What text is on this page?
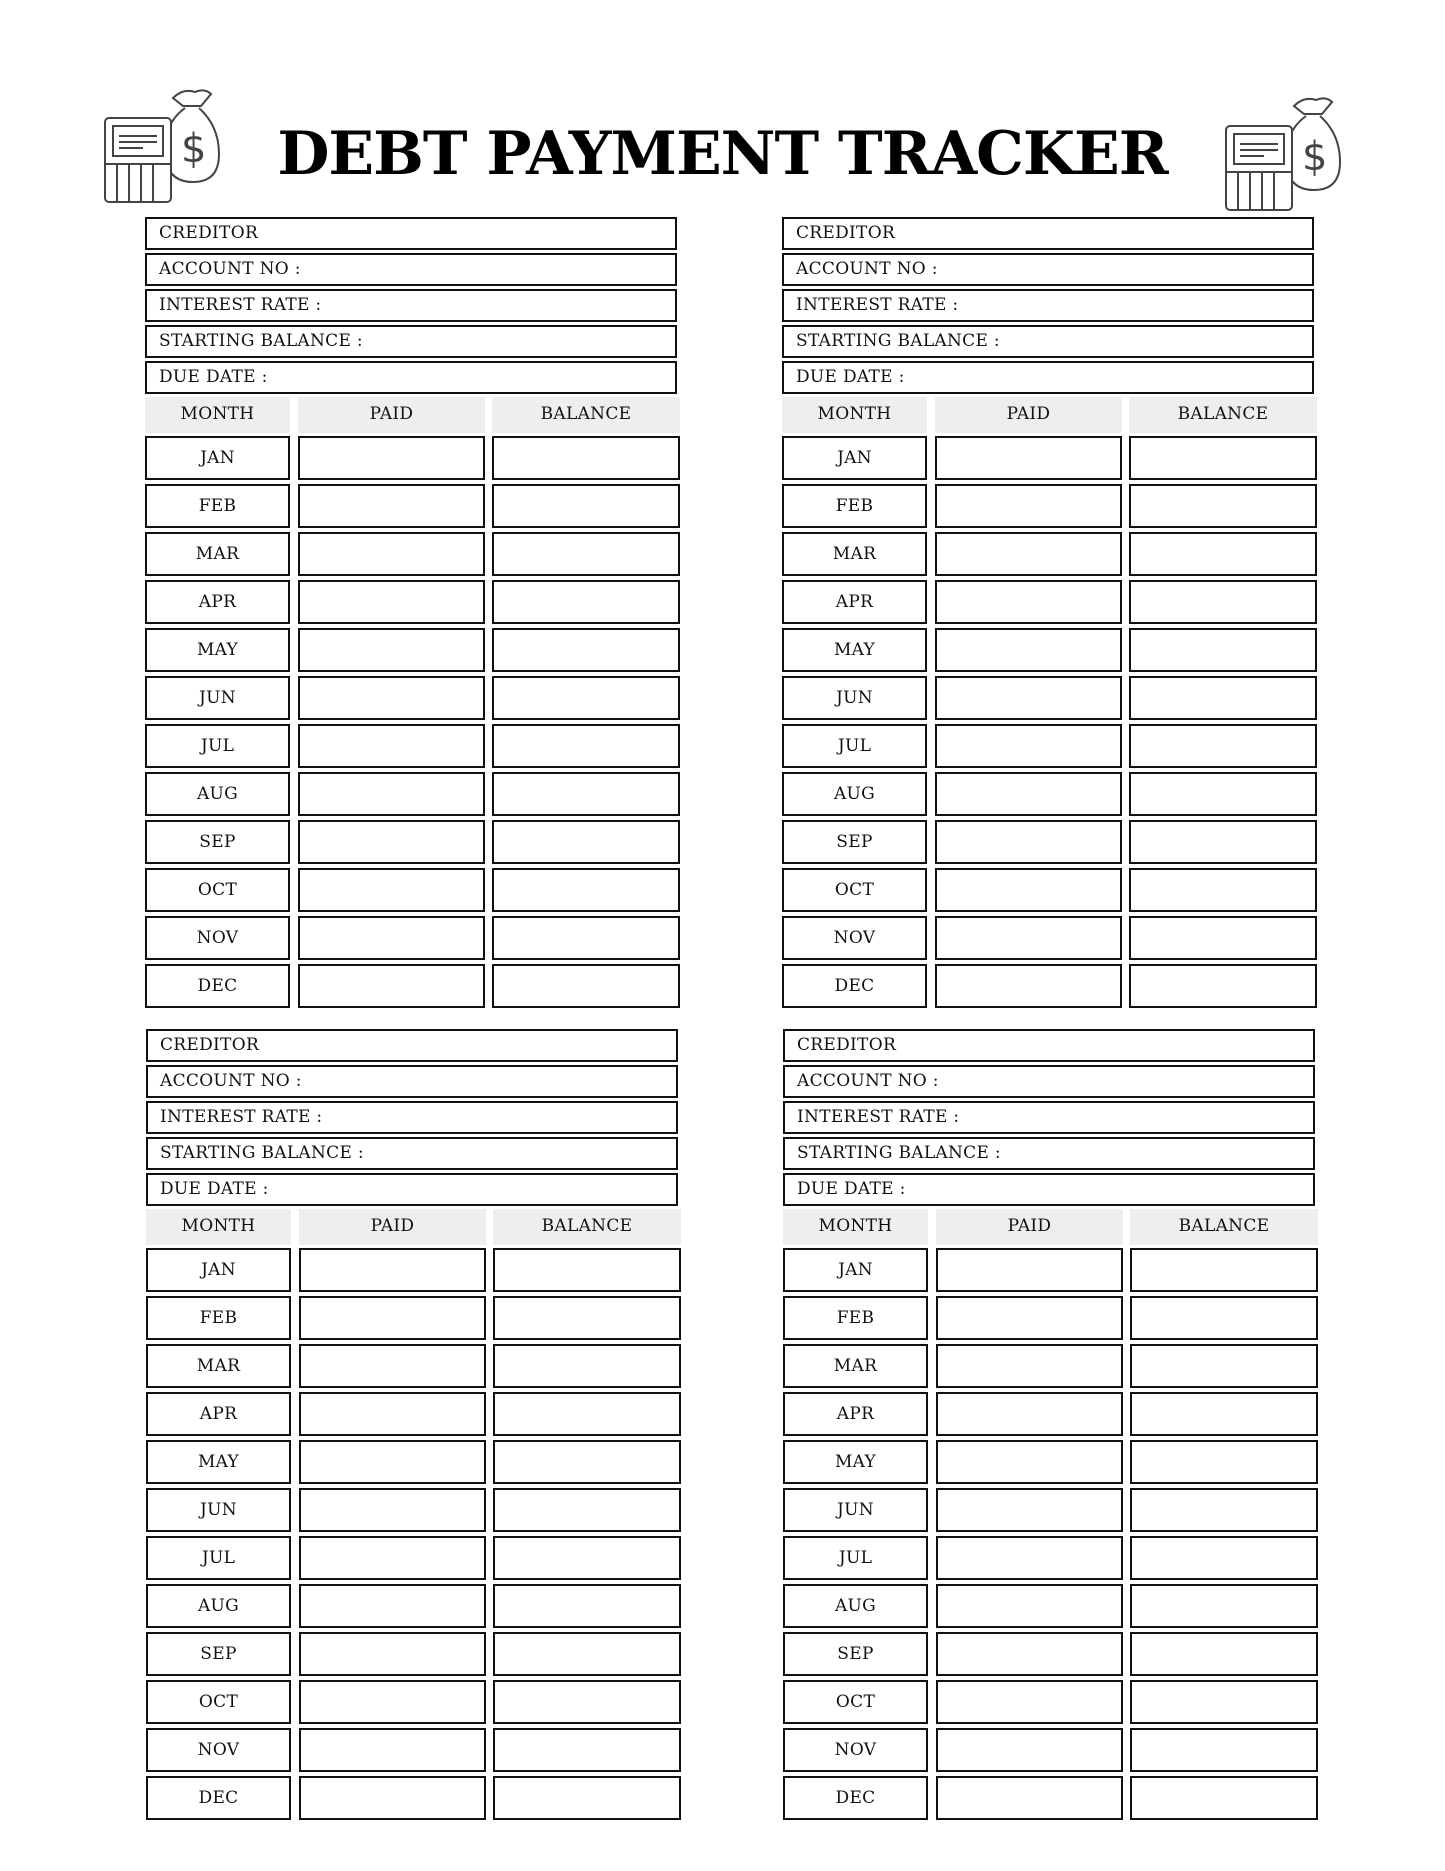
DEBT PAYMENT TRACKER
$	$
CREDITOR
ACCOUNT NO :
INTEREST RATE :
STARTING BALANCE :
DUE DATE :
MONTH	PAID	BALANCE
JAN
FEB
MAR
APR
MAY
JUN
JUL
AUG
SEP
OCT
NOV
DEC
CREDITOR
ACCOUNT NO :
INTEREST RATE :
STARTING BALANCE :
DUE DATE :
MONTH	PAID	BALANCE
JAN
FEB
MAR
APR
MAY
JUN
JUL
AUG
SEP
OCT
NOV
DEC
CREDITOR
ACCOUNT NO :
INTEREST RATE :
STARTING BALANCE :
DUE DATE :
MONTH	PAID	BALANCE
JAN
FEB
MAR
APR
MAY
JUN
JUL
AUG
SEP
OCT
NOV
DEC
CREDITOR
ACCOUNT NO :
INTEREST RATE :
STARTING BALANCE :
DUE DATE :
MONTH	PAID	BALANCE
JAN
FEB
MAR
APR
MAY
JUN
JUL
AUG
SEP
OCT
NOV
DEC
